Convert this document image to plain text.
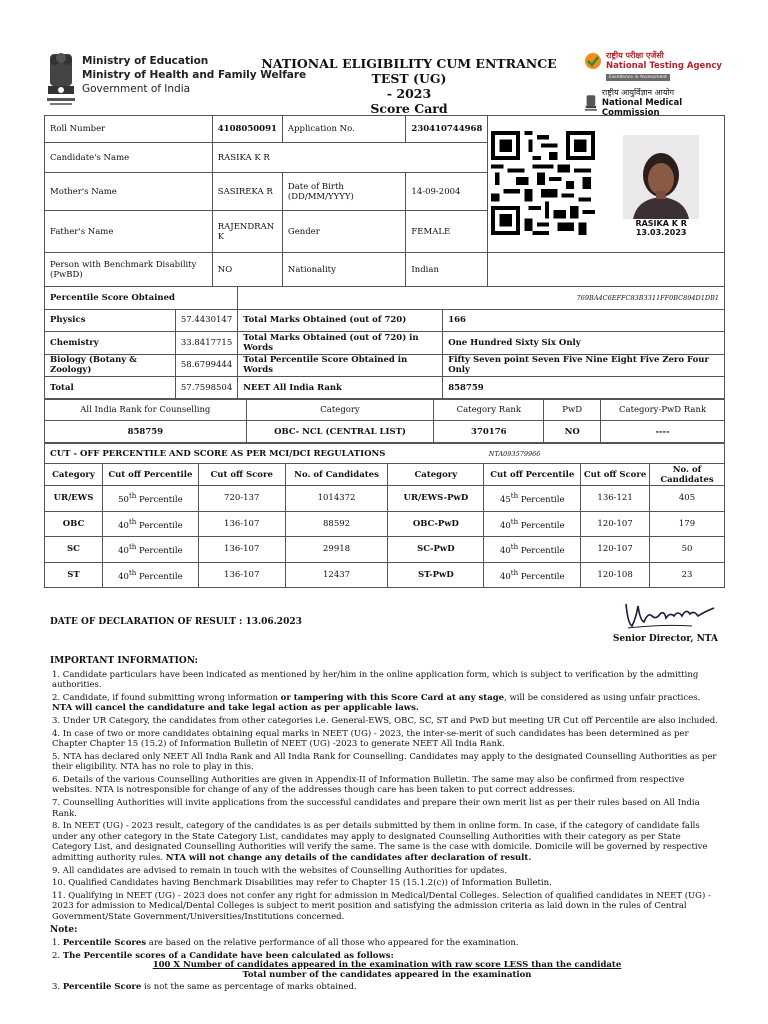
Ministry of Education
Ministry of Health and Family Welfare
Government of India
NATIONAL ELIGIBILITY CUM ENTRANCE TEST (UG)
- 2023
Score Card
राष्ट्रीय परीक्षा एजेंसी
National Testing Agency
Excellence in Assessment
राष्ट्रीय आयुर्विज्ञान आयोग
National Medical Commission
Roll Number	4108050091	Application No.	230410744968		RASIKA K R
13.03.2023

Candidate's Name	RASIKA K R				
Mother's Name	SASIREKA R	Date of Birth (DD/MM/YYYY)	14-09-2004		
Father's Name	RAJENDRAN K	Gender	FEMALE		
Person with Benchmark Disability (PwBD)	NO	Nationality	Indian		
Percentile Score Obtained		769BA4C6EFFC83B3311FF0BC894D1DB1	
Physics	57.4430147	Total Marks Obtained (out of 720)	166
Chemistry	33.8417715	Total Marks Obtained (out of 720) in Words	One Hundred Sixty Six Only
Biology (Botany & Zoology)	58.6799444	Total Percentile Score Obtained in Words	Fifty Seven point Seven Five Nine Eight Five Zero Four Only
Total	57.7598504	NEET All India Rank	858759
All India Rank for Counselling	Category	Category Rank	PwD	Category-PwD Rank
858759	OBC- NCL (CENTRAL LIST)	370176	NO	----
CUT - OFF PERCENTILE AND SCORE AS PER MCI/DCI REGULATIONS					NTA093579966		
Category	Cut off Percentile	Cut off Score	No. of Candidates	Category	Cut off Percentile	Cut off Score	No. of Candidates
UR/EWS	50th Percentile	720-137	1014372	UR/EWS-PwD	45th Percentile	136-121	405
OBC	40th Percentile	136-107	88592	OBC-PwD	40th Percentile	120-107	179
SC	40th Percentile	136-107	29918	SC-PwD	40th Percentile	120-107	50
ST	40th Percentile	136-107	12437	ST-PwD	40th Percentile	120-108	23
DATE OF DECLARATION OF RESULT : 13.06.2023
Senior Director, NTA
IMPORTANT INFORMATION:
1. Candidate particulars have been indicated as mentioned by her/him in the online application form, which is subject to verification by the admitting authorities.
2. Candidate, if found submitting wrong information or tampering with this Score Card at any stage, will be considered as using unfair practices. NTA will cancel the candidature and take legal action as per applicable laws.
3. Under UR Category, the candidates from other categories i.e. General-EWS, OBC, SC, ST and PwD but meeting UR Cut off Percentile are also included.
4. In case of two or more candidates obtaining equal marks in NEET (UG) - 2023, the inter-se-merit of such candidates has been determined as per Chapter Chapter 15 (15.2) of Information Bulletin of NEET (UG) -2023 to generate NEET All India Rank.
5. NTA has declared only NEET All India Rank and All India Rank for Counselling. Candidates may apply to the designated Counselling Authorities as per their eligibility. NTA has no role to play in this.
6. Details of the various Counselling Authorities are given in Appendix-II of Information Bulletin. The same may also be confirmed from respective websites. NTA is notresponsible for change of any of the addresses though care has been taken to put correct addresses.
7. Counselling Authorities will invite applications from the successful candidates and prepare their own merit list as per their rules based on All India Rank.
8. In NEET (UG) - 2023 result, category of the candidates is as per details submitted by them in online form. In case, if the category of candidate falls under any other category in the State Category List, candidates may apply to designated Counselling Authorities with their category as per State Category List, and designated Counselling Authorities will verify the same. The same is the case with domicile. Domicile will be governed by respective admitting authority rules. NTA will not change any details of the candidates after declaration of result.
9. All candidates are advised to remain in touch with the websites of Counselling Authorities for updates.
10. Qualified Candidates having Benchmark Disabilities may refer to Chapter 15 (15.1.2(c)) of Information Bulletin.
11. Qualifying in NEET (UG) - 2023 does not confer any right for admission in Medical/Dental Colleges. Selection of qualified candidates in NEET (UG) - 2023 for admission to Medical/Dental Colleges is subject to merit position and satisfying the admission criteria as laid down in the rules of Central Government/State Government/Universities/Institutions concerned.
Note:
1. Percentile Scores are based on the relative performance of all those who appeared for the examination.
2. The Percentile scores of a Candidate have been calculated as follows:
100 X Number of candidates appeared in the examination with raw score LESS than the candidate
Total number of the candidates appeared in the examination
3. Percentile Score is not the same as percentage of marks obtained.
